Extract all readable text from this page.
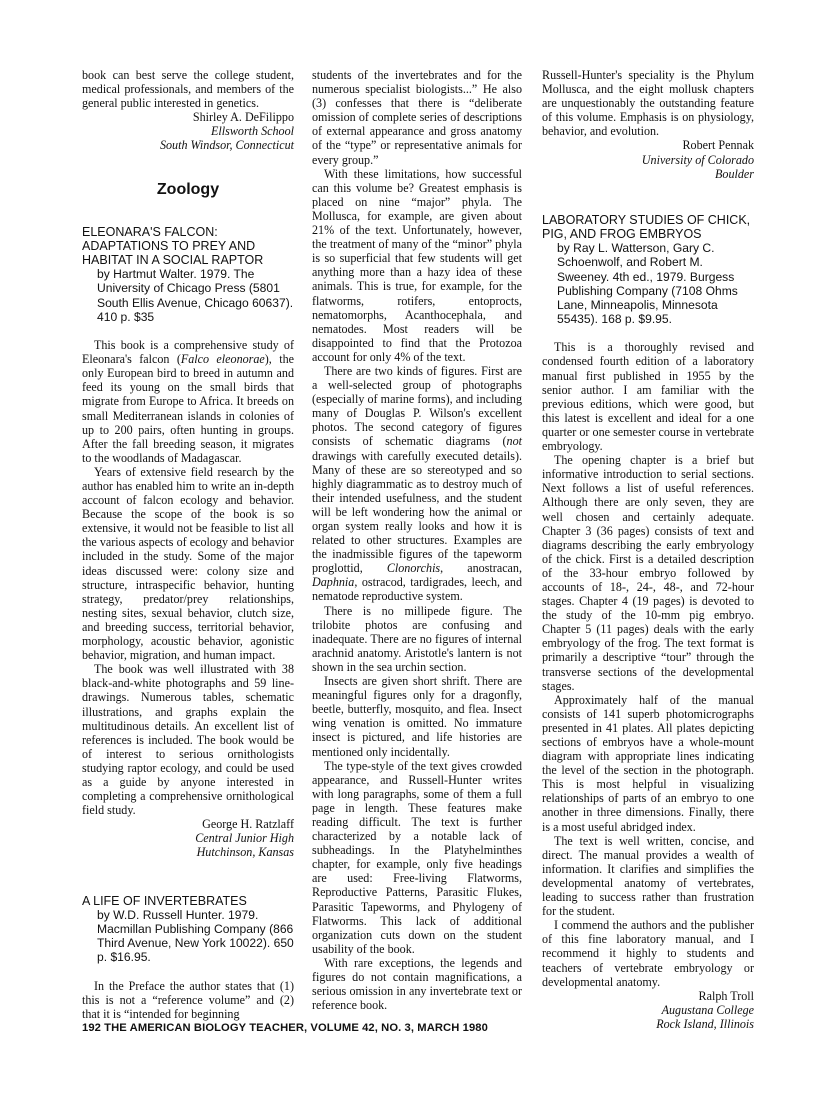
book can best serve the college student, medical professionals, and members of the general public interested in genetics.

Shirley A. DeFilippo
Ellsworth School
South Windsor, Connecticut
Zoology

ELEONARA'S FALCON: ADAPTATIONS TO PREY AND HABITAT IN A SOCIAL RAPTOR

by Hartmut Walter. 1979. The University of Chicago Press (5801 South Ellis Avenue, Chicago 60637). 410 p. $35

This book is a comprehensive study of Eleonara's falcon (Falco eleonorae), the only European bird to breed in autumn and feed its young on the small birds that migrate from Europe to Africa. It breeds on small Mediterranean islands in colonies of up to 200 pairs, often hunting in groups. After the fall breeding season, it migrates to the woodlands of Madagascar.

Years of extensive field research by the author has enabled him to write an in-depth account of falcon ecology and behavior. Because the scope of the book is so extensive, it would not be feasible to list all the various aspects of ecology and behavior included in the study. Some of the major ideas discussed were: colony size and structure, intraspecific behavior, hunting strategy, predator/prey relationships, nesting sites, sexual behavior, clutch size, and breeding success, territorial behavior, morphology, acoustic behavior, agonistic behavior, migration, and human impact.

The book was well illustrated with 38 black-and-white photographs and 59 line-drawings. Numerous tables, schematic illustrations, and graphs explain the multitudinous details. An excellent list of references is included. The book would be of interest to serious ornithologists studying raptor ecology, and could be used as a guide by anyone interested in completing a comprehensive ornithological field study.

George H. Ratzlaff
Central Junior High
Hutchinson, Kansas

A LIFE OF INVERTEBRATES

by W.D. Russell Hunter. 1979. Macmillan Publishing Company (866 Third Avenue, New York 10022). 650 p. $16.95.

In the Preface the author states that (1) this is not a “reference volume” and (2) that it is “intended for beginning

students of the invertebrates and for the numerous specialist biologists...” He also (3) confesses that there is “deliberate omission of complete series of descriptions of external appearance and gross anatomy of the “type” or representative animals for every group.”

With these limitations, how successful can this volume be? Greatest emphasis is placed on nine “major” phyla. The Mollusca, for example, are given about 21% of the text. Unfortunately, however, the treatment of many of the “minor” phyla is so superficial that few students will get anything more than a hazy idea of these animals. This is true, for example, for the flatworms, rotifers, entoprocts, nematomorphs, Acanthocephala, and nematodes. Most readers will be disappointed to find that the Protozoa account for only 4% of the text.

There are two kinds of figures. First are a well-selected group of photographs (especially of marine forms), and including many of Douglas P. Wilson's excellent photos. The second category of figures consists of schematic diagrams (not drawings with carefully executed details). Many of these are so stereotyped and so highly diagrammatic as to destroy much of their intended usefulness, and the student will be left wondering how the animal or organ system really looks and how it is related to other structures. Examples are the inadmissible figures of the tapeworm proglottid, Clonorchis, anostracan, Daphnia, ostracod, tardigrades, leech, and nematode reproductive system.

There is no millipede figure. The trilobite photos are confusing and inadequate. There are no figures of internal arachnid anatomy. Aristotle's lantern is not shown in the sea urchin section.

Insects are given short shrift. There are meaningful figures only for a dragonfly, beetle, butterfly, mosquito, and flea. Insect wing venation is omitted. No immature insect is pictured, and life histories are mentioned only incidentally.

The type-style of the text gives crowded appearance, and Russell-Hunter writes with long paragraphs, some of them a full page in length. These features make reading difficult. The text is further characterized by a notable lack of subheadings. In the Platyhelminthes chapter, for example, only five headings are used: Free-living Flatworms, Reproductive Patterns, Parasitic Flukes, Parasitic Tapeworms, and Phylogeny of Flatworms. This lack of additional organization cuts down on the student usability of the book.

With rare exceptions, the legends and figures do not contain magnifications, a serious omission in any invertebrate text or reference book.

Russell-Hunter's speciality is the Phylum Mollusca, and the eight mollusk chapters are unquestionably the outstanding feature of this volume. Emphasis is on physiology, behavior, and evolution.

Robert Pennak
University of Colorado
Boulder

LABORATORY STUDIES OF CHICK, PIG, AND FROG EMBRYOS

by Ray L. Watterson, Gary C. Schoenwolf, and Robert M. Sweeney. 4th ed., 1979. Burgess Publishing Company (7108 Ohms Lane, Minneapolis, Minnesota 55435). 168 p. $9.95.

This is a thoroughly revised and condensed fourth edition of a laboratory manual first published in 1955 by the senior author. I am familiar with the previous editions, which were good, but this latest is excellent and ideal for a one quarter or one semester course in vertebrate embryology.

The opening chapter is a brief but informative introduction to serial sections. Next follows a list of useful references. Although there are only seven, they are well chosen and certainly adequate. Chapter 3 (36 pages) consists of text and diagrams describing the early embryology of the chick. First is a detailed description of the 33-hour embryo followed by accounts of 18-, 24-, 48-, and 72-hour stages. Chapter 4 (19 pages) is devoted to the study of the 10-mm pig embryo. Chapter 5 (11 pages) deals with the early embryology of the frog. The text format is primarily a descriptive “tour” through the transverse sections of the developmental stages.

Approximately half of the manual consists of 141 superb photomicrographs presented in 41 plates. All plates depicting sections of embryos have a whole-mount diagram with appropriate lines indicating the level of the section in the photograph. This is most helpful in visualizing relationships of parts of an embryo to one another in three dimensions. Finally, there is a most useful abridged index.

The text is well written, concise, and direct. The manual provides a wealth of information. It clarifies and simplifies the developmental anatomy of vertebrates, leading to success rather than frustration for the student.

I commend the authors and the publisher of this fine laboratory manual, and I recommend it highly to students and teachers of vertebrate embryology or developmental anatomy.

Ralph Troll
Augustana College
Rock Island, Illinois
192 THE AMERICAN BIOLOGY TEACHER, VOLUME 42, NO. 3, MARCH 1980
